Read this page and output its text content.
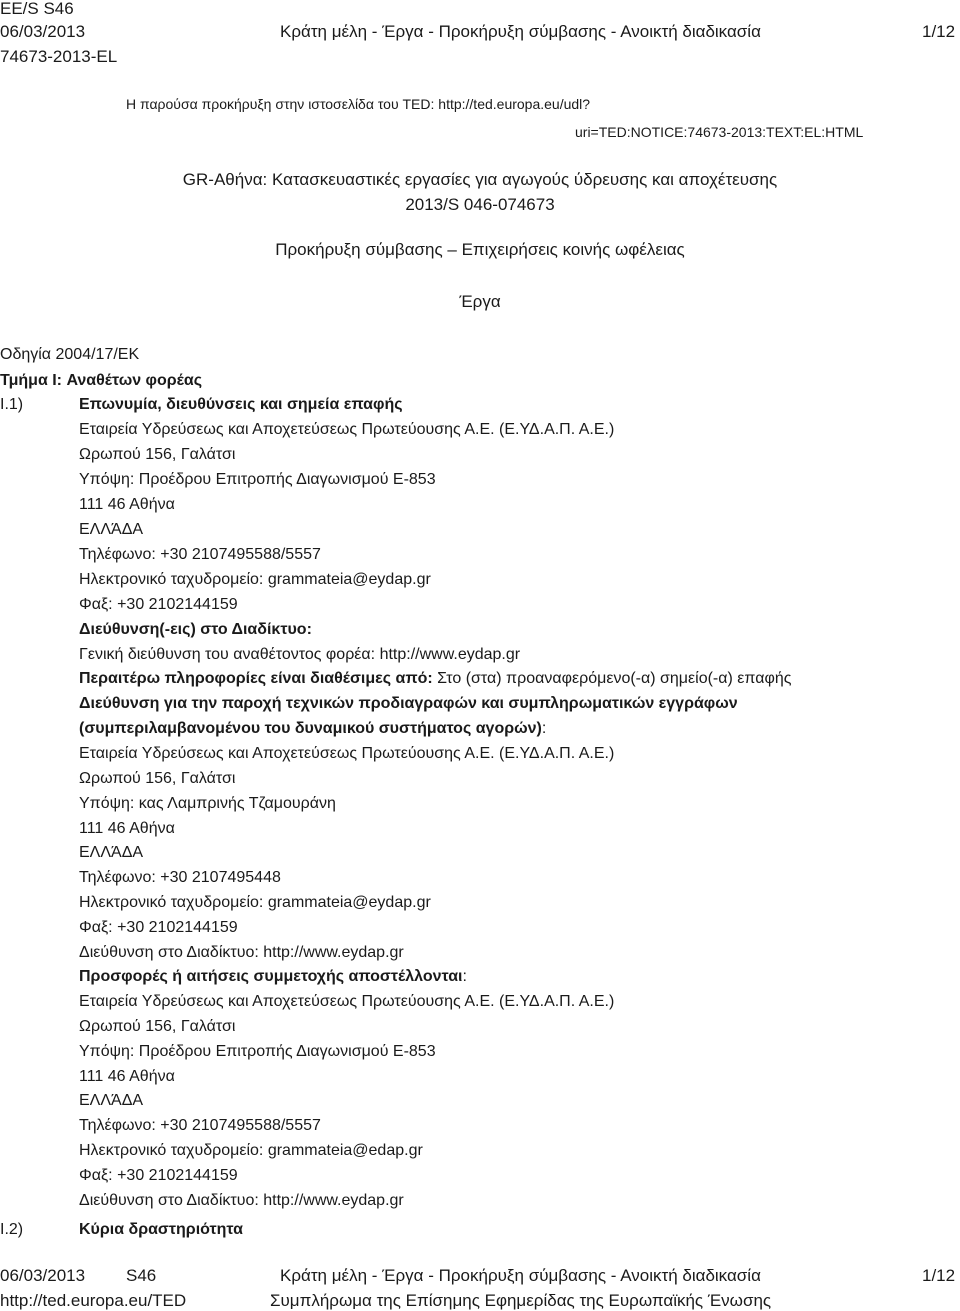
EE/S S46
06/03/2013
74673-2013-EL
Κράτη μέλη - Έργα - Προκήρυξη σύμβασης - Ανοικτή διαδικασία	1/12
Η παρούσα προκήρυξη στην ιστοσελίδα του TED: http://ted.europa.eu/udl?
uri=TED:NOTICE:74673-2013:TEXT:EL:HTML
GR-Αθήνα: Κατασκευαστικές εργασίες για αγωγούς ύδρευσης και αποχέτευσης
2013/S 046-074673
Προκήρυξη σύμβασης – Επιχειρήσεις κοινής ωφέλειας
Έργα
Οδηγία 2004/17/ΕΚ
Τμήμα I: Αναθέτων φορέας
I.1)	Επωνυμία, διευθύνσεις και σημεία επαφής
Εταιρεία Υδρεύσεως και Αποχετεύσεως Πρωτεύουσης Α.Ε. (Ε.ΥΔ.Α.Π. Α.Ε.)
Ωρωπού 156, Γαλάτσι
Υπόψη: Προέδρου Επιτροπής Διαγωνισμού Ε-853
111 46 Αθήνα
ΕΛΛΆΔΑ
Τηλέφωνο: +30 2107495588/5557
Ηλεκτρονικό ταχυδρομείο: grammateia@eydap.gr
Φαξ: +30 2102144159
Διεύθυνση(-εις) στο Διαδίκτυο:
Γενική διεύθυνση του αναθέτοντος φορέα: http://www.eydap.gr
Περαιτέρω πληροφορίες είναι διαθέσιμες από: Στο (στα) προαναφερόμενο(-α) σημείο(-α) επαφής
Διεύθυνση για την παροχή τεχνικών προδιαγραφών και συμπληρωματικών εγγράφων
(συμπεριλαμβανομένου του δυναμικού συστήματος αγορών):
Εταιρεία Υδρεύσεως και Αποχετεύσεως Πρωτεύουσης Α.Ε. (Ε.ΥΔ.Α.Π. Α.Ε.)
Ωρωπού 156, Γαλάτσι
Υπόψη: κας Λαμπρινής Τζαμουράνη
111 46 Αθήνα
ΕΛΛΆΔΑ
Τηλέφωνο: +30 2107495448
Ηλεκτρονικό ταχυδρομείο: grammateia@eydap.gr
Φαξ: +30 2102144159
Διεύθυνση στο Διαδίκτυο: http://www.eydap.gr
Προσφορές ή αιτήσεις συμμετοχής αποστέλλονται:
Εταιρεία Υδρεύσεως και Αποχετεύσεως Πρωτεύουσης Α.Ε. (Ε.ΥΔ.Α.Π. Α.Ε.)
Ωρωπού 156, Γαλάτσι
Υπόψη: Προέδρου Επιτροπής Διαγωνισμού Ε-853
111 46 Αθήνα
ΕΛΛΆΔΑ
Τηλέφωνο: +30 2107495588/5557
Ηλεκτρονικό ταχυδρομείο: grammateia@edap.gr
Φαξ: +30 2102144159
Διεύθυνση στο Διαδίκτυο: http://www.eydap.gr
I.2)	Κύρια δραστηριότητα
06/03/2013 S46
http://ted.europa.eu/TED
Κράτη μέλη - Έργα - Προκήρυξη σύμβασης - Ανοικτή διαδικασία
Συμπλήρωμα της Επίσημης Εφημερίδας της Ευρωπαϊκής Ένωσης
1/12
